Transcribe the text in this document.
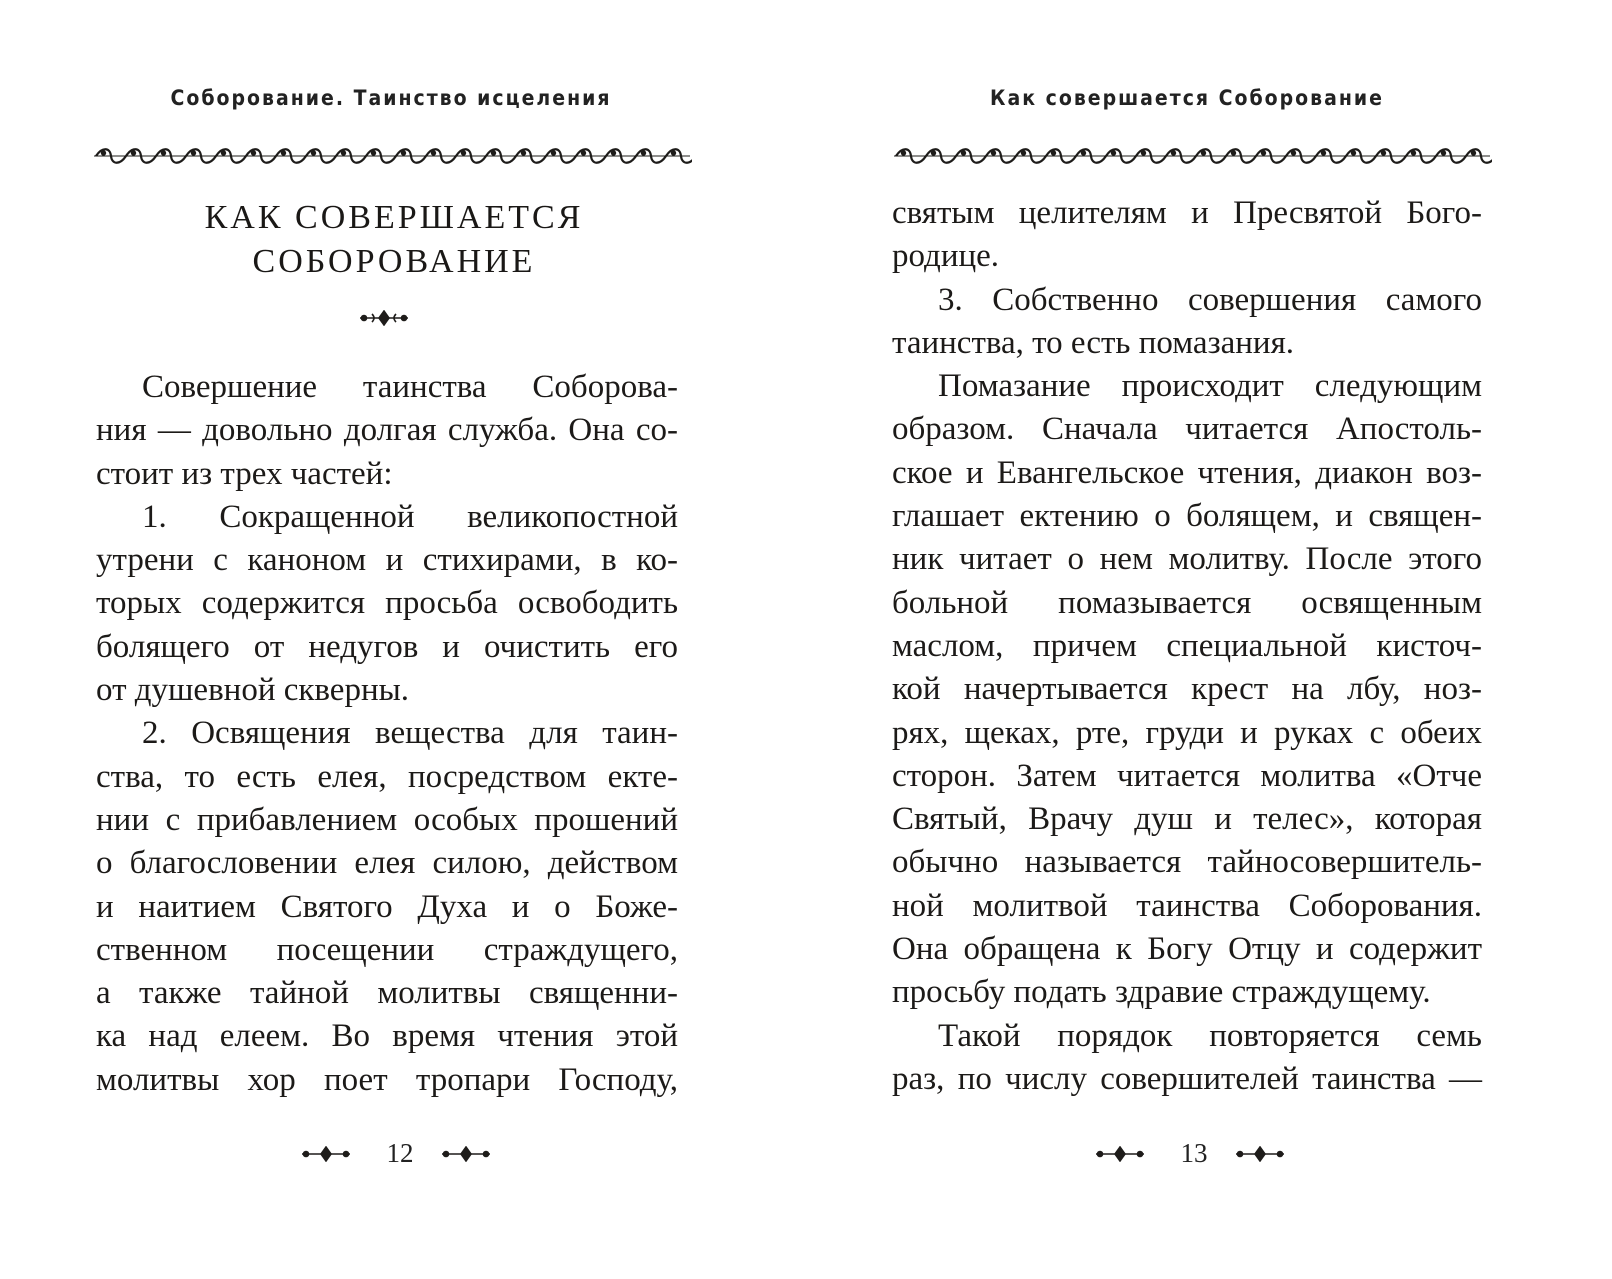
Соборование. Таинство исцеления
КАК СОВЕРШАЕТСЯ
СОБОРОВАНИЕ
Совершение таинства Соборова-
ния — довольно долгая служба. Она со-
стоит из трех частей:
1. Сокращенной великопостной
утрени с каноном и стихирами, в ко-
торых содержится просьба освободить
болящего от недугов и очистить его
от душевной скверны.
2. Освящения вещества для таин-
ства, то есть елея, посредством екте-
нии с прибавлением особых прошений
о благословении елея силою, действом
и наитием Святого Духа и о Боже-
ственном посещении страждущего,
а также тайной молитвы священни-
ка над елеем. Во время чтения этой
молитвы хор поет тропари Господу,
12
Как совершается Соборование
святым целителям и Пресвятой Бого-
родице.
3. Собственно совершения самого
таинства, то есть помазания.
Помазание происходит следующим
образом. Сначала читается Апостоль-
ское и Евангельское чтения, диакон воз-
глашает ектению о болящем, и священ-
ник читает о нем молитву. После этого
больной помазывается освященным
маслом, причем специальной кисточ-
кой начертывается крест на лбу, ноз-
рях, щеках, рте, груди и руках с обеих
сторон. Затем читается молитва «Отче
Святый, Врачу душ и телес», которая
обычно называется тайносовершитель-
ной молитвой таинства Соборования.
Она обращена к Богу Отцу и содержит
просьбу подать здравие страждущему.
Такой порядок повторяется семь
раз, по числу совершителей таинства —
13
